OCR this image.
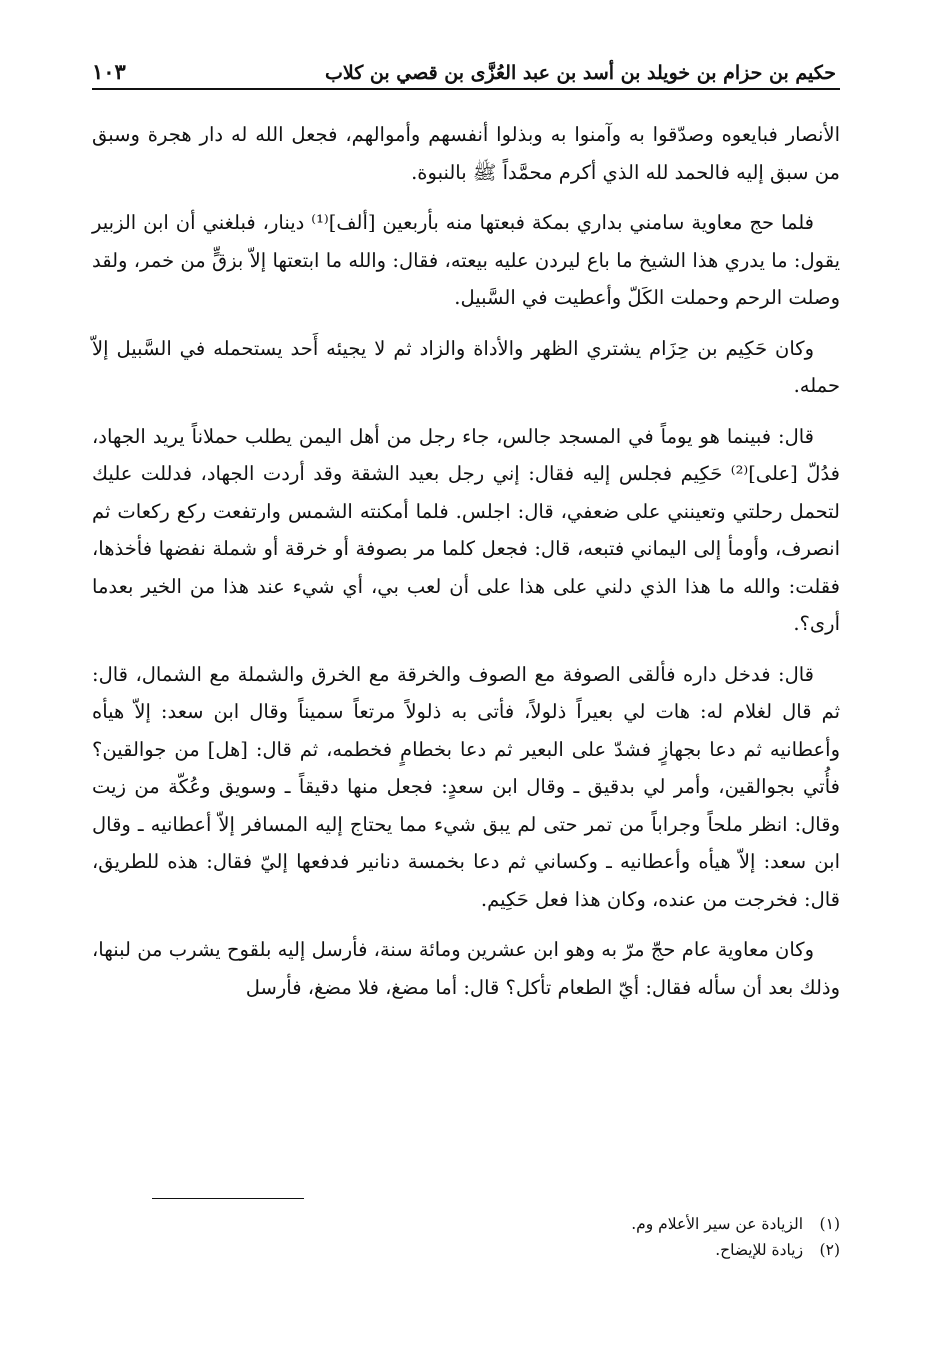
حكيم بن حزام بن خويلد بن أسد بن عبد العُزَّى بن قصي بن كلاب
١٠٣

الأنصار فبايعوه وصدّقوا به وآمنوا به وبذلوا أنفسهم وأموالهم، فجعل الله له دار هجرة وسبق من سبق إليه فالحمد لله الذي أكرم محمَّداً ﷺ بالنبوة.

فلما حج معاوية سامني بداري بمكة فبعتها منه بأربعين [ألف]⁽¹⁾ دينار، فبلغني أن ابن الزبير يقول: ما يدري هذا الشيخ ما باع ليردن عليه بيعته، فقال: والله ما ابتعتها إلاّ بزقٍّ من خمر، ولقد وصلت الرحم وحملت الكَلّ وأعطيت في السَّبيل.

وكان حَكِيم بن حِزَام يشتري الظهر والأداة والزاد ثم لا يجيئه أَحد يستحمله في السَّبيل إلاّ حمله.

قال: فبينما هو يوماً في المسجد جالس، جاء رجل من أهل اليمن يطلب حملاناً يريد الجهاد، فدُلّ [على]⁽²⁾ حَكِيم فجلس إليه فقال: إني رجل بعيد الشقة وقد أردت الجهاد، فدللت عليك لتحمل رحلتي وتعينني على ضعفي، قال: اجلس. فلما أمكنته الشمس وارتفعت ركع ركعات ثم انصرف، وأومأ إلى اليماني فتبعه، قال: فجعل كلما مر بصوفة أو خرقة أو شملة نفضها فأخذها، فقلت: والله ما هذا الذي دلني على هذا على أن لعب بي، أي شيء عند هذا من الخير بعدما أرى؟.

قال: فدخل داره فألقى الصوفة مع الصوف والخرقة مع الخرق والشملة مع الشمال، قال: ثم قال لغلام له: هات لي بعيراً ذلولاً، فأتى به ذلولاً مرتعاً سميناً وقال ابن سعد: إلاّ هيأه وأعطانيه ثم دعا بجهازٍ فشدّ على البعير ثم دعا بخطامٍ فخطمه، ثم قال: [هل] من جوالقين؟ فأُتي بجوالقين، وأمر لي بدقيق ـ وقال ابن سعدٍ: فجعل منها دقيقاً ـ وسويق وعُكّة من زيت وقال: انظر ملحاً وجراباً من تمر حتى لم يبق شيء مما يحتاج إليه المسافر إلاّ أعطانيه ـ وقال ابن سعد: إلاّ هيأه وأعطانيه ـ وكساني ثم دعا بخمسة دنانير فدفعها إليّ فقال: هذه للطريق، قال: فخرجت من عنده، وكان هذا فعل حَكِيم.

وكان معاوية عام حجّ مرّ به وهو ابن عشرين ومائة سنة، فأرسل إليه بلقوح يشرب من لبنها، وذلك بعد أن سأله فقال: أيّ الطعام تأكل؟ قال: أما مضغ، فلا مضغ، فأرسل

(١) الزيادة عن سير الأعلام وم.

(٢) زيادة للإيضاح.
